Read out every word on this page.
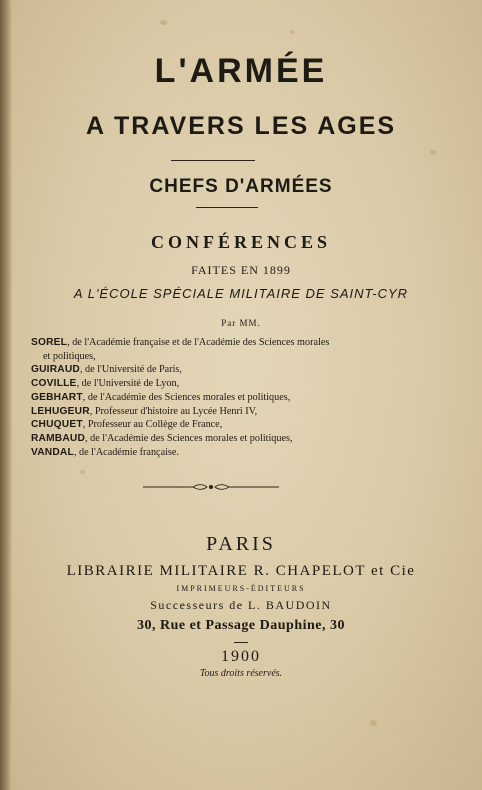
L'ARMÉE
A TRAVERS LES AGES
CHEFS D'ARMÉES
CONFÉRENCES
FAITES EN 1899
A L'ÉCOLE SPÉCIALE MILITAIRE DE SAINT-CYR
Par MM.
SOREL, de l'Académie française et de l'Académie des Sciences morales
et politiques,
GUIRAUD, de l'Université de Paris,
COVILLE, de l'Université de Lyon,
GEBHART, de l'Académie des Sciences morales et politiques,
LEHUGEUR, Professeur d'histoire au Lycée Henri IV,
CHUQUET, Professeur au Collège de France,
RAMBAUD, de l'Académie des Sciences morales et politiques,
VANDAL, de l'Académie française.
PARIS
LIBRAIRIE MILITAIRE R. CHAPELOT et Cie
IMPRIMEURS-ÉDITEURS
Successeurs de L. BAUDOIN
30, Rue et Passage Dauphine, 30
1900
Tous droits réservés.
